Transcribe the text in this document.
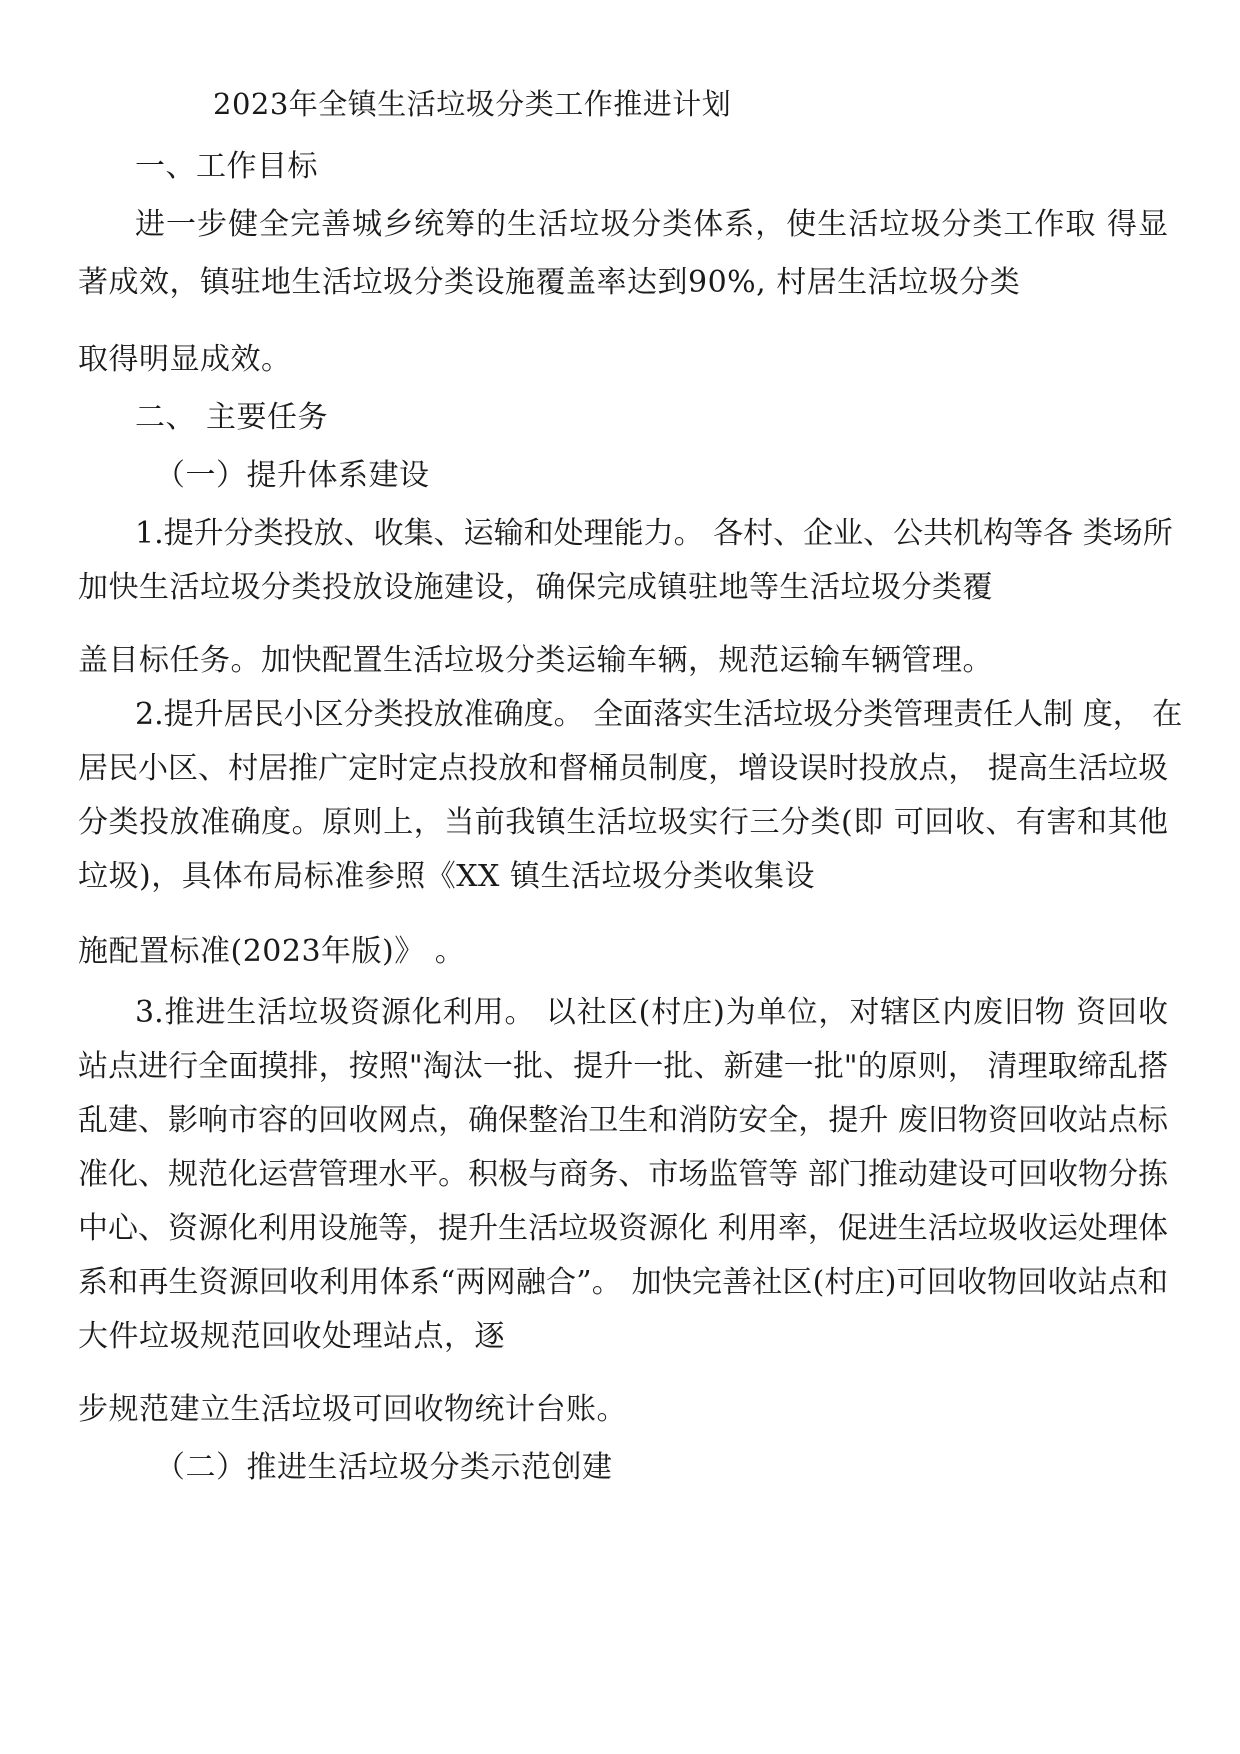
2023年全镇生活垃圾分类工作推进计划
一、工作目标
进一步健全完善城乡统筹的生活垃圾分类体系，使生活垃圾分类工作取 得显
著成效，镇驻地生活垃圾分类设施覆盖率达到90%, 村居生活垃圾分类
取得明显成效。
二、 主要任务
（一）提升体系建设
1.提升分类投放、收集、运输和处理能力。 各村、企业、公共机构等各 类场所
加快生活垃圾分类投放设施建设，确保完成镇驻地等生活垃圾分类覆
盖目标任务。加快配置生活垃圾分类运输车辆，规范运输车辆管理。
2.提升居民小区分类投放准确度。 全面落实生活垃圾分类管理责任人制 度， 在
居民小区、村居推广定时定点投放和督桶员制度，增设误时投放点， 提高生活垃圾
分类投放准确度。原则上，当前我镇生活垃圾实行三分类(即 可回收、有害和其他
垃圾)，具体布局标准参照《XX 镇生活垃圾分类收集设
施配置标准(2023年版)》 。
3.推进生活垃圾资源化利用。 以社区(村庄)为单位，对辖区内废旧物 资回收
站点进行全面摸排，按照"淘汰一批、提升一批、新建一批"的原则， 清理取缔乱搭
乱建、影响市容的回收网点，确保整治卫生和消防安全，提升 废旧物资回收站点标
准化、规范化运营管理水平。积极与商务、市场监管等 部门推动建设可回收物分拣
中心、资源化利用设施等，提升生活垃圾资源化 利用率，促进生活垃圾收运处理体
系和再生资源回收利用体系“两网融合”。 加快完善社区(村庄)可回收物回收站点和
大件垃圾规范回收处理站点，逐
步规范建立生活垃圾可回收物统计台账。
（二）推进生活垃圾分类示范创建
